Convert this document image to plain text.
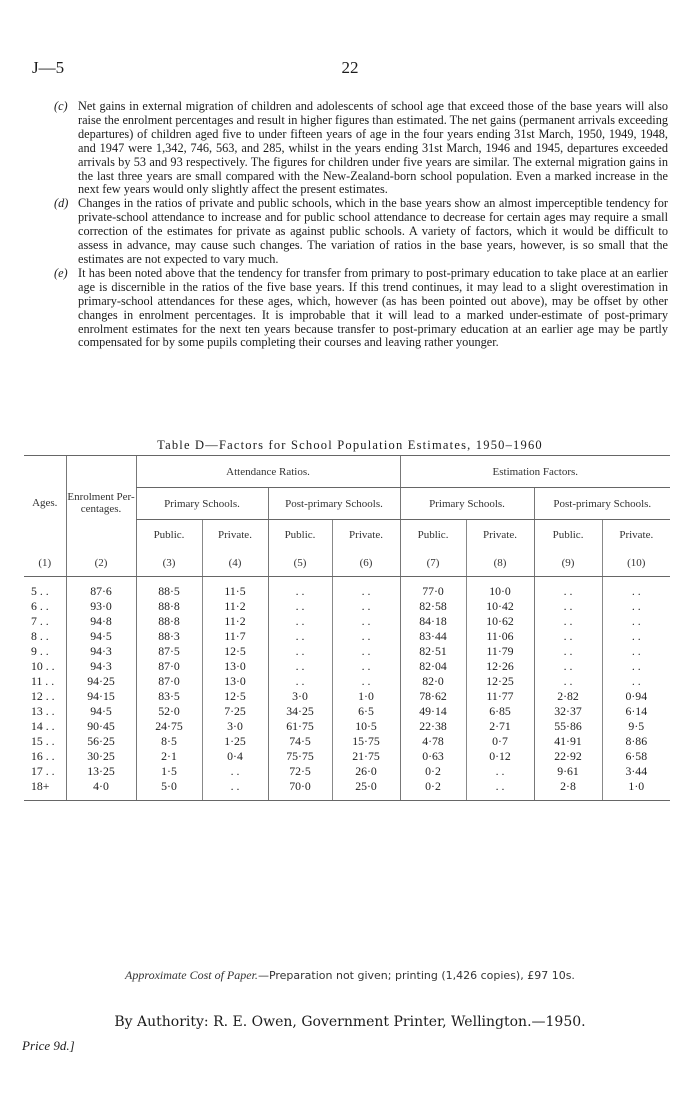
J—5	22

(c) Net gains in external migration of children and adolescents of school age that exceed those of the base years will also raise the enrolment percentages and result in higher figures than estimated. The net gains (permanent arrivals exceeding departures) of children aged five to under fifteen years of age in the four years ending 31st March, 1950, 1949, 1948, and 1947 were 1,342, 746, 563, and 285, whilst in the years ending 31st March, 1946 and 1945, departures exceeded arrivals by 53 and 93 respectively. The figures for children under five years are similar. The external migration gains in the last three years are small compared with the New-Zealand-born school population. Even a marked increase in the next few years would only slightly affect the present estimates.

(d) Changes in the ratios of private and public schools, which in the base years show an almost imperceptible tendency for private-school attendance to increase and for public school attendance to decrease for certain ages may require a small correction of the estimates for private as against public schools. A variety of factors, which it would be difficult to assess in advance, may cause such changes. The variation of ratios in the base years, however, is so small that the estimates are not expected to vary much.

(e) It has been noted above that the tendency for transfer from primary to post-primary education to take place at an earlier age is discernible in the ratios of the five base years. If this trend continues, it may lead to a slight overestimation in primary-school attendances for these ages, which, however (as has been pointed out above), may be offset by other changes in enrolment percentages. It is improbable that it will lead to a marked under-estimate of post-primary enrolment estimates for the next ten years because transfer to post-primary education at an earlier age may be partly compensated for by some pupils completing their courses and leaving rather younger.

Table D—Factors for School Population Estimates, 1950–1960
Ages.	Enrolment Per-centages.	Attendance Ratios.				Estimation Factors.			
		Primary Schools.		Post-primary Schools.		Primary Schools.		Post-primary Schools.	
		Public.	Private.	Public.	Private.	Public.	Private.	Public.	Private.
(1)	(2)	(3)	(4)	(5)	(6)	(7)	(8)	(9)	(10)

5 . .	87·6	88·5	11·5	. .	. .	77·0	10·0	. .	. .
6 . .	93·0	88·8	11·2	. .	. .	82·58	10·42	. .	. .
7 . .	94·8	88·8	11·2	. .	. .	84·18	10·62	. .	. .
8 . .	94·5	88·3	11·7	. .	. .	83·44	11·06	. .	. .
9 . .	94·3	87·5	12·5	. .	. .	82·51	11·79	. .	. .
10 . .	94·3	87·0	13·0	. .	. .	82·04	12·26	. .	. .
11 . .	94·25	87·0	13·0	. .	. .	82·0	12·25	. .	. .
12 . .	94·15	83·5	12·5	3·0	1·0	78·62	11·77	2·82	0·94
13 . .	94·5	52·0	7·25	34·25	6·5	49·14	6·85	32·37	6·14
14 . .	90·45	24·75	3·0	61·75	10·5	22·38	2·71	55·86	9·5
15 . .	56·25	8·5	1·25	74·5	15·75	4·78	0·7	41·91	8·86
16 . .	30·25	2·1	0·4	75·75	21·75	0·63	0·12	22·92	6·58
17 . .	13·25	1·5	. .	72·5	26·0	0·2	. .	9·61	3·44
18+	4·0	5·0	. .	70·0	25·0	0·2	. .	2·8	1·0

Approximate Cost of Paper.—Preparation not given; printing (1,426 copies), £97 10s.
By Authority: R. E. Owen, Government Printer, Wellington.—1950.
Price 9d.]
